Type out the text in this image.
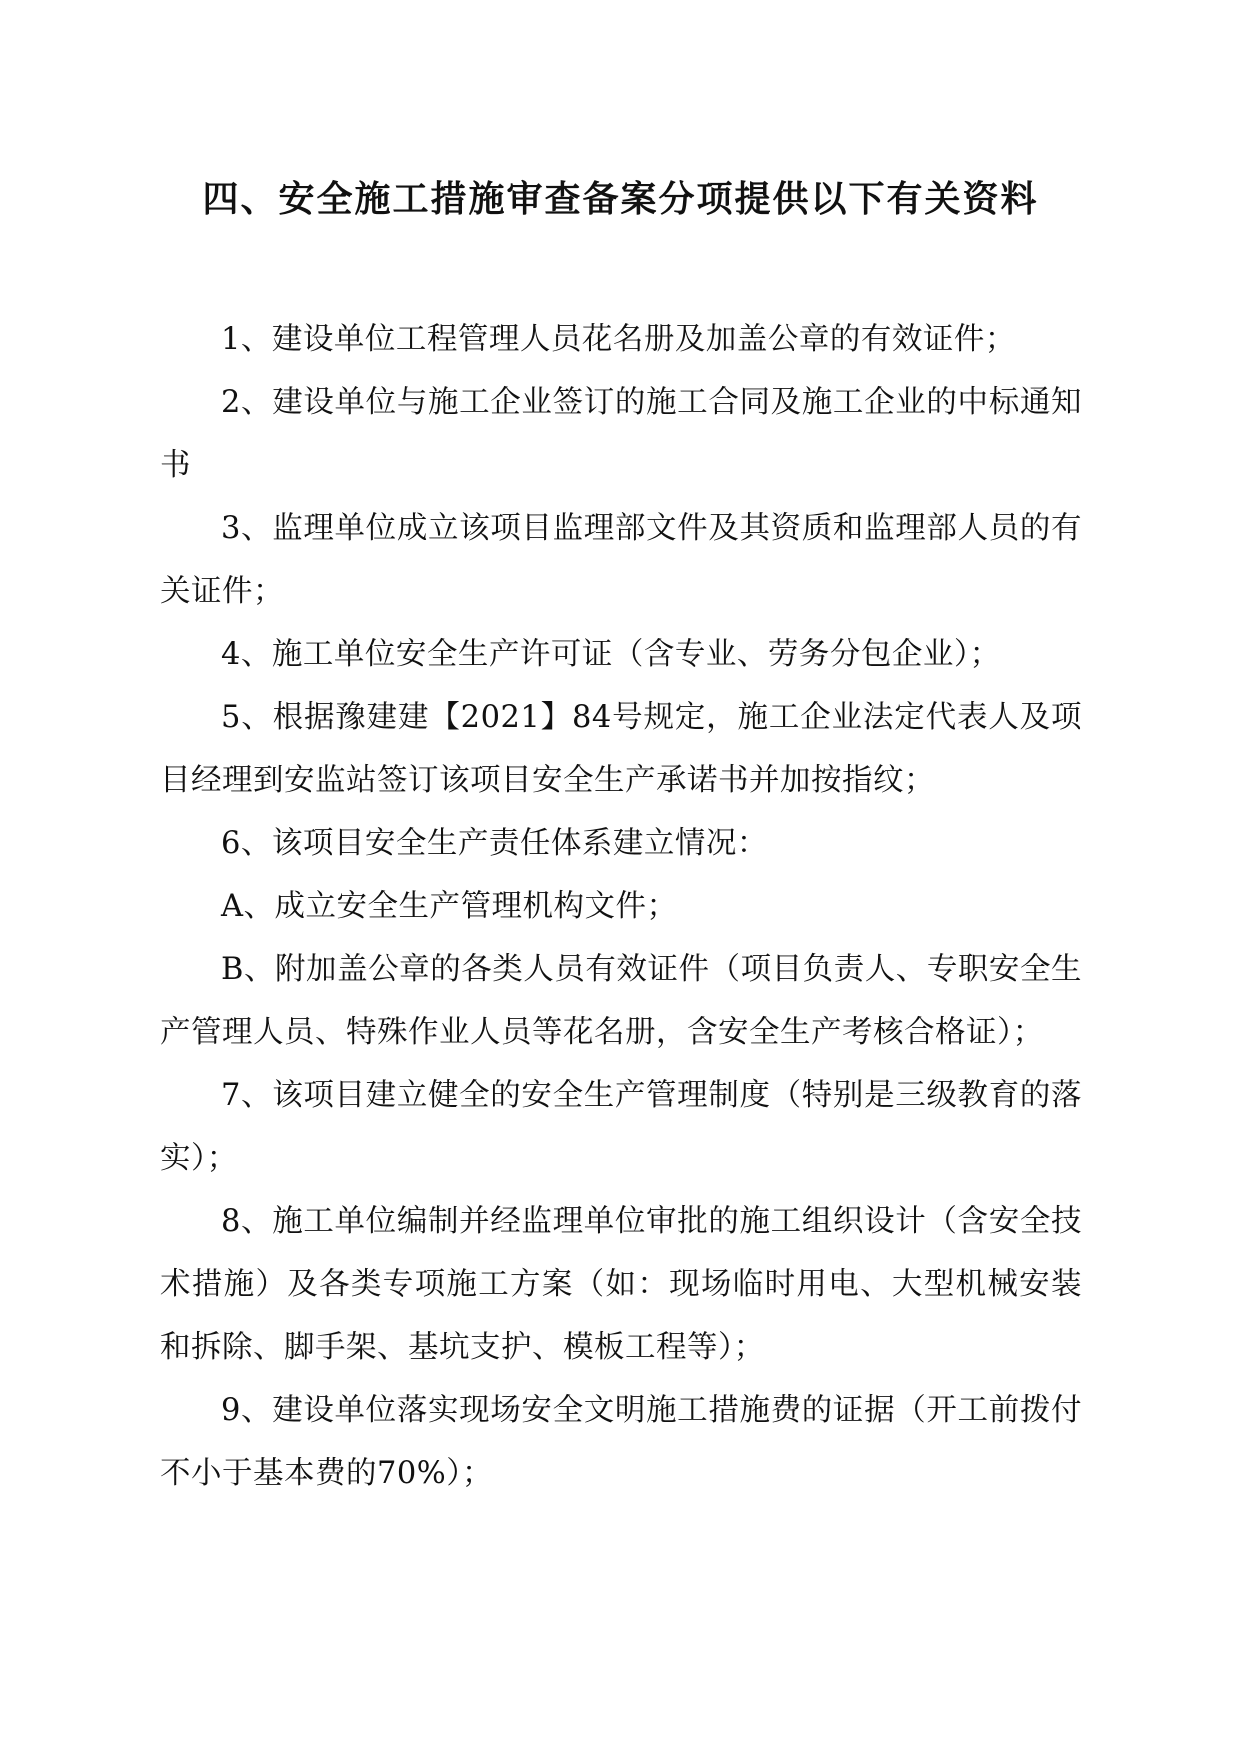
四、安全施工措施审查备案分项提供以下有关资料

1、建设单位工程管理人员花名册及加盖公章的有效证件；

2、建设单位与施工企业签订的施工合同及施工企业的中标通知书

3、监理单位成立该项目监理部文件及其资质和监理部人员的有关证件；

4、施工单位安全生产许可证（含专业、劳务分包企业）；

5、根据豫建建【2021】84号规定，施工企业法定代表人及项目经理到安监站签订该项目安全生产承诺书并加按指纹；

6、该项目安全生产责任体系建立情况：

A、成立安全生产管理机构文件；

B、附加盖公章的各类人员有效证件（项目负责人、专职安全生产管理人员、特殊作业人员等花名册，含安全生产考核合格证）；

7、该项目建立健全的安全生产管理制度（特别是三级教育的落实）；

8、施工单位编制并经监理单位审批的施工组织设计（含安全技术措施）及各类专项施工方案（如：现场临时用电、大型机械安装和拆除、脚手架、基坑支护、模板工程等）；

9、建设单位落实现场安全文明施工措施费的证据（开工前拨付不小于基本费的70%）；
